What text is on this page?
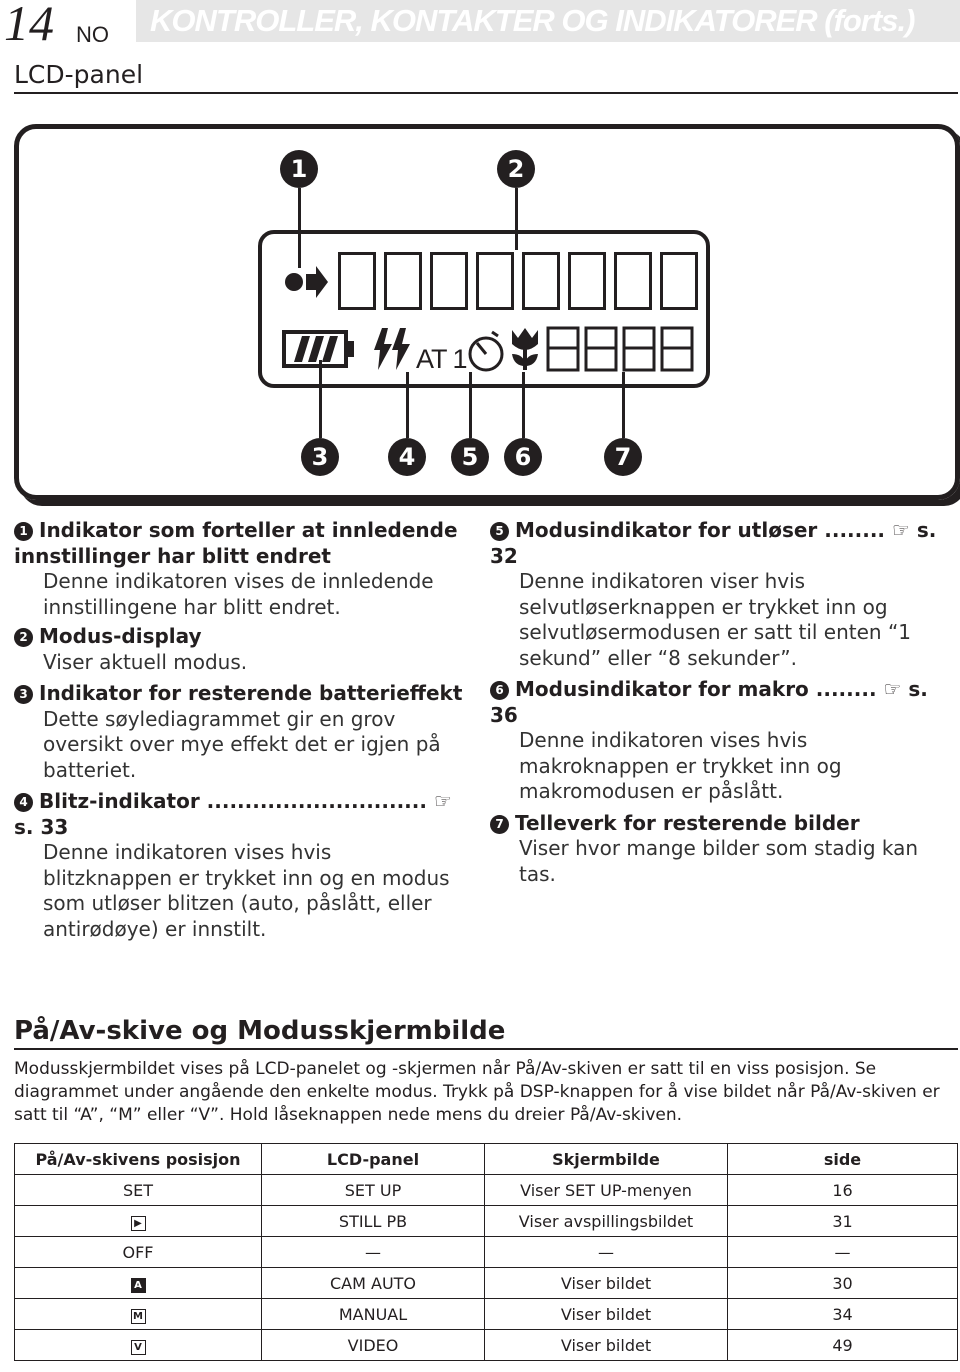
14 NO KONTROLLER, KONTAKTER OG INDIKATORER (forts.)
LCD-panel
AT 1
1	2
3	4	5	6	7

1 Indikator som forteller at innledende innstillinger har blitt endret

Denne indikatoren vises de innledende innstillingene har blitt endret.

2 Modus-display

Viser aktuell modus.

3 Indikator for resterende batterieffekt

Dette søylediagrammet gir en grov oversikt over mye effekt det er igjen på batteriet.

4 Blitz-indikator ............................. ☞ s. 33

Denne indikatoren vises hvis blitzknappen er trykket inn og en modus som utløser blitzen (auto, påslått, eller antirødøye) er innstilt.

5 Modusindikator for utløser ........ ☞ s. 32

Denne indikatoren viser hvis selvutløserknappen er trykket inn og selvutløsermodusen er satt til enten “1 sekund” eller “8 sekunder”.

6 Modusindikator for makro ........ ☞ s. 36

Denne indikatoren vises hvis makroknappen er trykket inn og makromodusen er påslått.

7 Telleverk for resterende bilder

Viser hvor mange bilder som stadig kan tas.

På/Av-skive og Modusskjermbilde
Modusskjermbildet vises på LCD-panelet og -skjermen når På/Av-skiven er satt til en viss posisjon. Se diagrammet under angående den enkelte modus. Trykk på DSP-knappen for å vise bildet når På/Av-skiven er satt til “A”, “M” eller “V”. Hold låseknappen nede mens du dreier På/Av-skiven.
På/Av-skivens posisjon	LCD-panel	Skjermbilde	side
SET	SET UP	Viser SET UP-menyen	16
▶	STILL PB	Viser avspillingsbildet	31
OFF	—	—	—
A	CAM AUTO	Viser bildet	30
M	MANUAL	Viser bildet	34
V	VIDEO	Viser bildet	49
